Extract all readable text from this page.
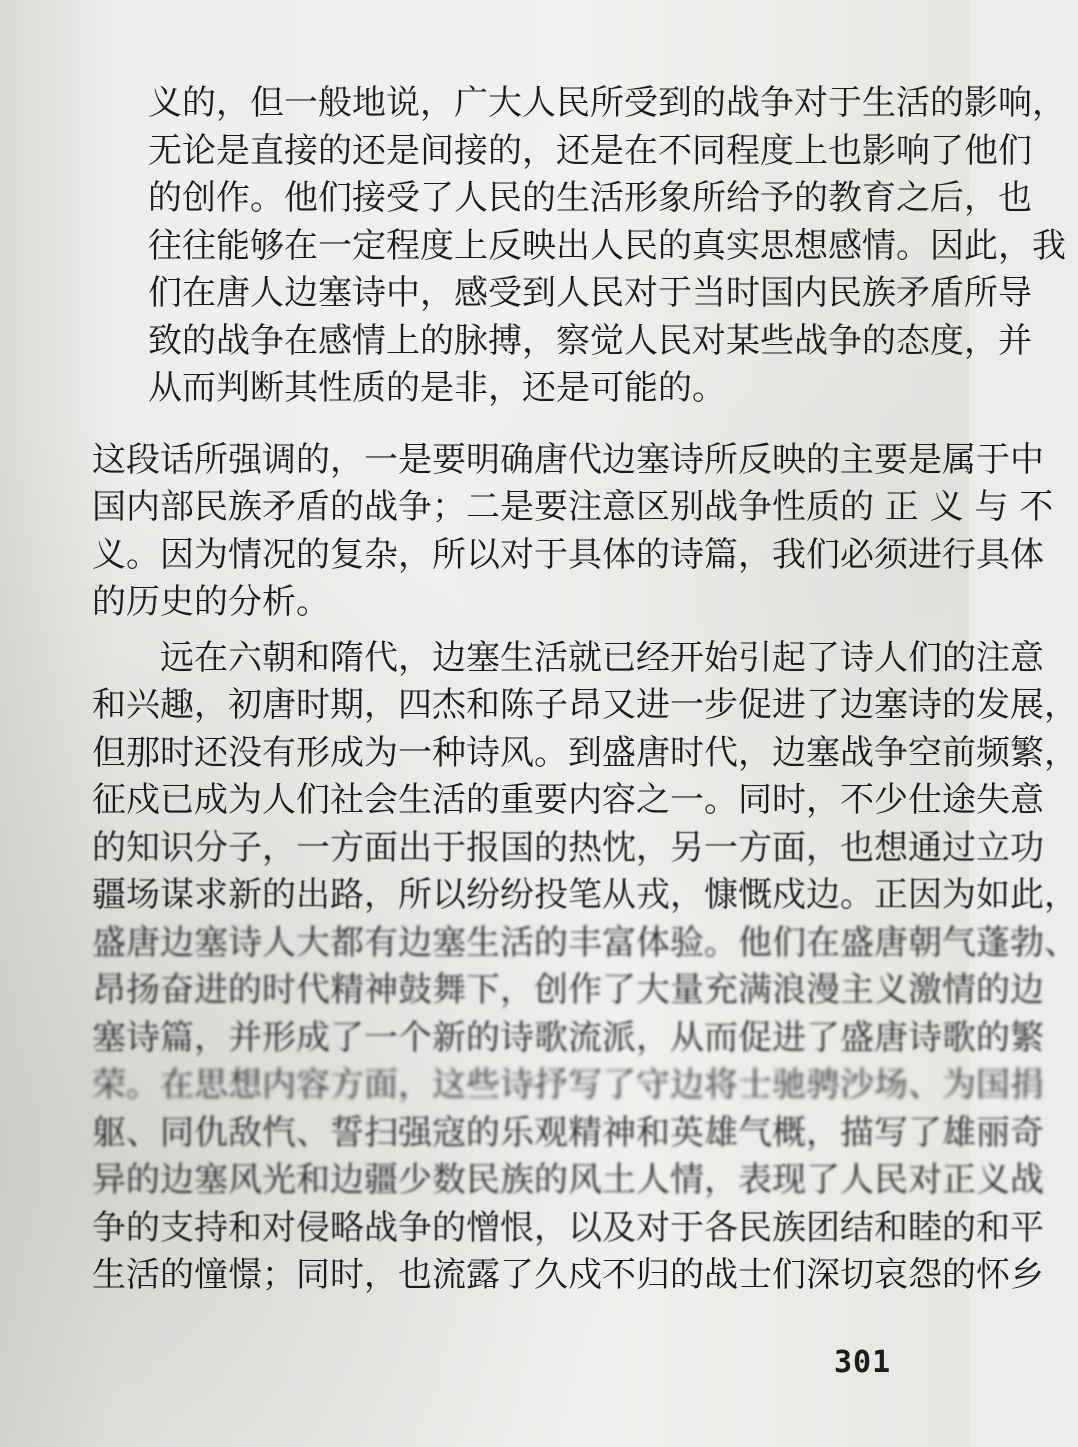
义的，但一般地说，广大人民所受到的战争对于生活的影响，
无论是直接的还是间接的，还是在不同程度上也影响了他们
的创作。他们接受了人民的生活形象所给予的教育之后，也
往往能够在一定程度上反映出人民的真实思想感情。因此，我
们在唐人边塞诗中，感受到人民对于当时国内民族矛盾所导
致的战争在感情上的脉搏，察觉人民对某些战争的态度，并
从而判断其性质的是非，还是可能的。
这段话所强调的，一是要明确唐代边塞诗所反映的主要是属于中
国内部民族矛盾的战争；二是要注意区别战争性质的 正 义 与 不
义。因为情况的复杂，所以对于具体的诗篇，我们必须进行具体
的历史的分析。
远在六朝和隋代，边塞生活就已经开始引起了诗人们的注意
和兴趣，初唐时期，四杰和陈子昂又进一步促进了边塞诗的发展，
但那时还没有形成为一种诗风。到盛唐时代，边塞战争空前频繁，
征戍已成为人们社会生活的重要内容之一。同时，不少仕途失意
的知识分子，一方面出于报国的热忱，另一方面，也想通过立功
疆场谋求新的出路，所以纷纷投笔从戎，慷慨戍边。正因为如此，
盛唐边塞诗人大都有边塞生活的丰富体验。他们在盛唐朝气蓬勃、
昂扬奋进的时代精神鼓舞下，创作了大量充满浪漫主义激情的边
塞诗篇，并形成了一个新的诗歌流派，从而促进了盛唐诗歌的繁
荣。在思想内容方面，这些诗抒写了守边将士驰骋沙场、为国捐
躯、同仇敌忾、誓扫强寇的乐观精神和英雄气概，描写了雄丽奇
异的边塞风光和边疆少数民族的风土人情，表现了人民对正义战
争的支持和对侵略战争的憎恨，以及对于各民族团结和睦的和平
生活的憧憬；同时，也流露了久戍不归的战士们深切哀怨的怀乡
301
